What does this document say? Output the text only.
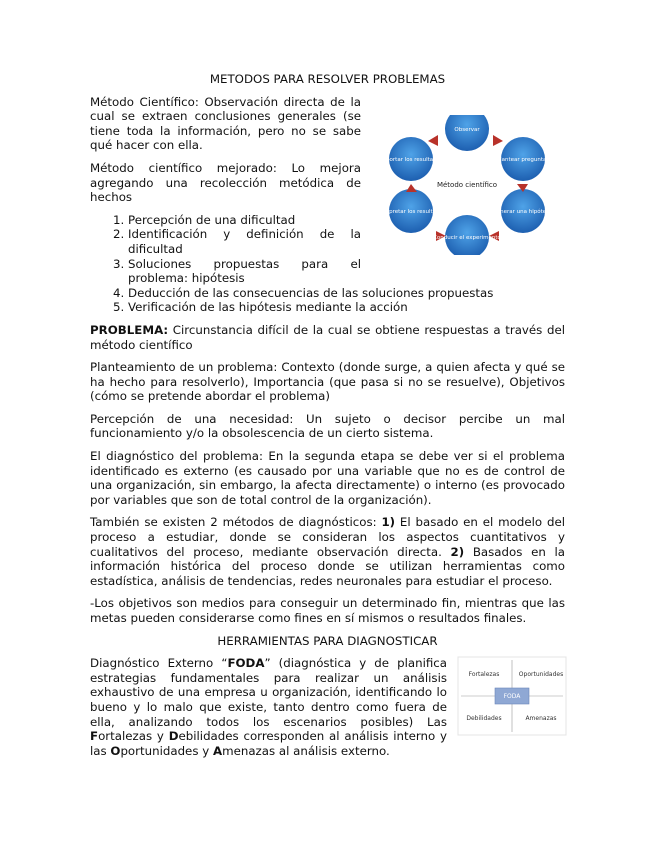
METODOS PARA RESOLVER PROBLEMAS
Observar
Plantear preguntas
Generar una hipótesis
Conducir el experimento
Interpretar los resultados
Reportar los resultados
Método científico

Método Científico: Observación directa de la cual se extraen conclusiones generales (se tiene toda la información, pero no se sabe qué hacer con ella.

Método científico mejorado: Lo mejora agregando una recolección metódica de hechos

1. Percepción de una dificultad
2. Identificación y definición de la dificultad
3. Soluciones propuestas para el problema: hipótesis
4. Deducción de las consecuencias de las soluciones propuestas
5. Verificación de las hipótesis mediante la acción

PROBLEMA: Circunstancia difícil de la cual se obtiene respuestas a través del método científico

Planteamiento de un problema: Contexto (donde surge, a quien afecta y qué se ha hecho para resolverlo), Importancia (que pasa si no se resuelve), Objetivos (cómo se pretende abordar el problema)

Percepción de una necesidad: Un sujeto o decisor percibe un mal funcionamiento y/o la obsolescencia de un cierto sistema.

El diagnóstico del problema: En la segunda etapa se debe ver si el problema identificado es externo (es causado por una variable que no es de control de una organización, sin embargo, la afecta directamente) o interno (es provocado por variables que son de total control de la organización).

También se existen 2 métodos de diagnósticos: 1) El basado en el modelo del proceso a estudiar, donde se consideran los aspectos cuantitativos y cualitativos del proceso, mediante observación directa. 2) Basados en la información histórica del proceso donde se utilizan herramientas como estadística, análisis de tendencias, redes neuronales para estudiar el proceso.

-Los objetivos son medios para conseguir un determinado fin, mientras que las metas pueden considerarse como fines en sí mismos o resultados finales.

HERRAMIENTAS PARA DIAGNOSTICAR
Fortalezas	Oportunidades
FODA
Debilidades	Amenazas

Diagnóstico Externo “FODA” (diagnóstica y de planifica estrategias fundamentales para realizar un análisis exhaustivo de una empresa u organización, identificando lo bueno y lo malo que existe, tanto dentro como fuera de ella, analizando todos los escenarios posibles) Las Fortalezas y Debilidades corresponden al análisis interno y las Oportunidades y Amenazas al análisis externo.
